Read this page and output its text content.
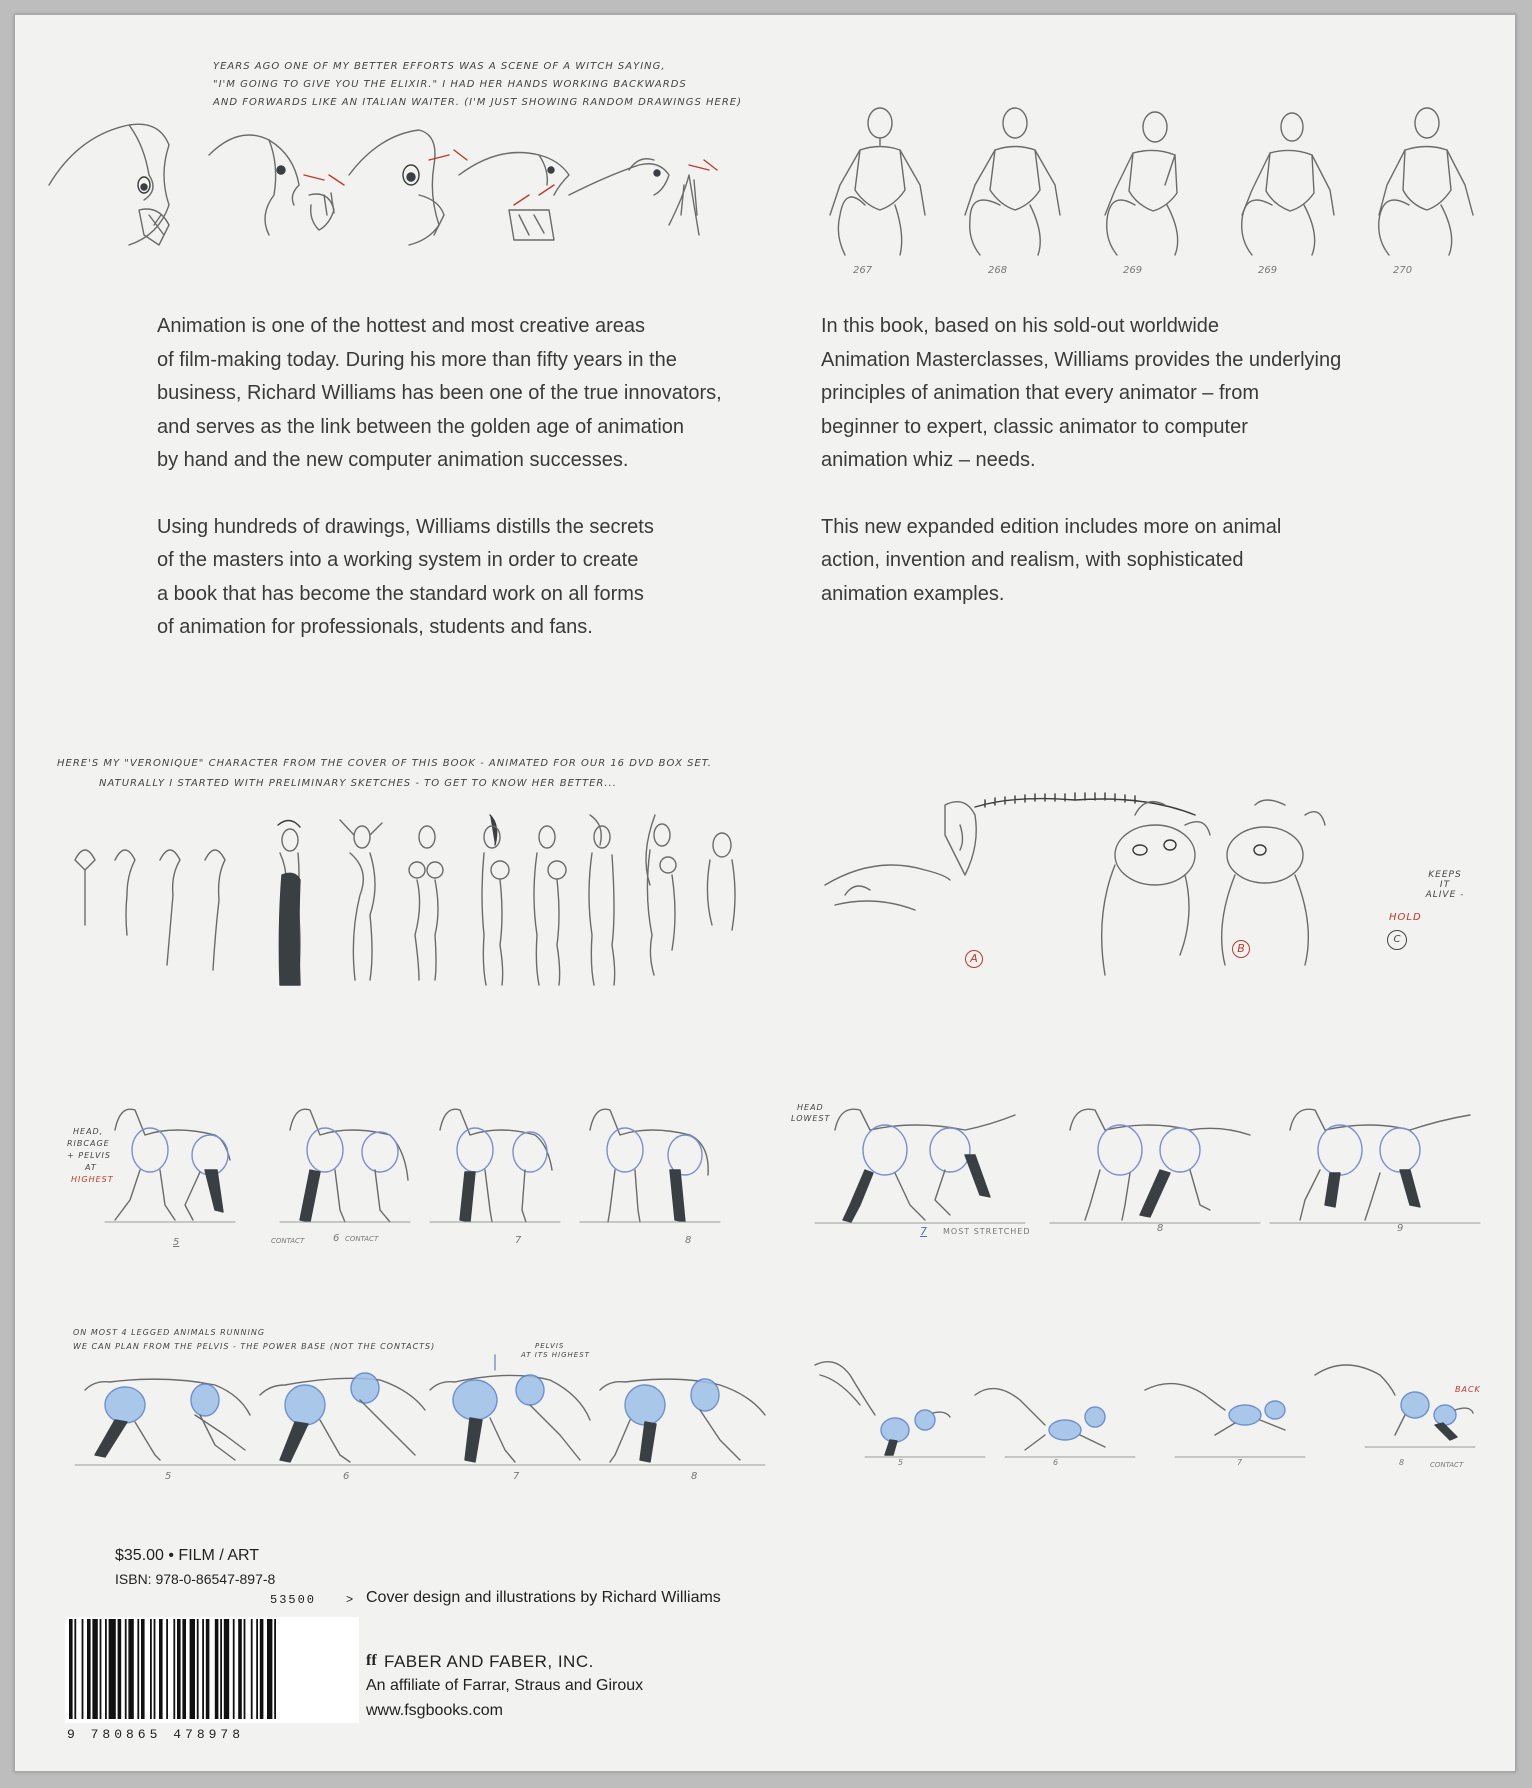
YEARS AGO ONE OF MY BETTER EFFORTS WAS A SCENE OF A WITCH SAYING,
"I'M GOING TO GIVE YOU THE ELIXIR." I HAD HER HANDS WORKING BACKWARDS
AND FORWARDS LIKE AN ITALIAN WAITER. (I'M JUST SHOWING RANDOM DRAWINGS HERE)
267	268	269	269	270

Animation is one of the hottest and most creative areas
of film-making today. During his more than fifty years in the
business, Richard Williams has been one of the true innovators,
and serves as the link between the golden age of animation
by hand and the new computer animation successes.

Using hundreds of drawings, Williams distills the secrets
of the masters into a working system in order to create
a book that has become the standard work on all forms
of animation for professionals, students and fans.

In this book, based on his sold-out worldwide
Animation Masterclasses, Williams provides the underlying
principles of animation that every animator – from
beginner to expert, classic animator to computer
animation whiz – needs.

This new expanded edition includes more on animal
action, invention and realism, with sophisticated
animation examples.

HERE'S MY "VERONIQUE" CHARACTER FROM THE COVER OF THIS BOOK - ANIMATED FOR OUR 16 DVD BOX SET.
NATURALLY I STARTED WITH PRELIMINARY SKETCHES - TO GET TO KNOW HER BETTER...
A
B
C
HOLD
KEEPS IT ALIVE -
HEAD,
RIBCAGE
+ PELVIS
AT
HIGHEST
5	CONTACT	6 CONTACT	7	8
HEAD
LOWEST
7 MOST STRETCHED	8	9
ON MOST 4 LEGGED ANIMALS RUNNING
WE CAN PLAN FROM THE PELVIS - THE POWER BASE (NOT THE CONTACTS)	PELVIS
AT ITS HIGHEST
5	6	7	8
BACK
5	6	7	8	CONTACT
$35.00 • FILM / ART
ISBN: 978-0-86547-897-8
53500 >
9 780865 478978
Cover design and illustrations by Richard Williams
ff FABER AND FABER, INC.
An affiliate of Farrar, Straus and Giroux
www.fsgbooks.com
